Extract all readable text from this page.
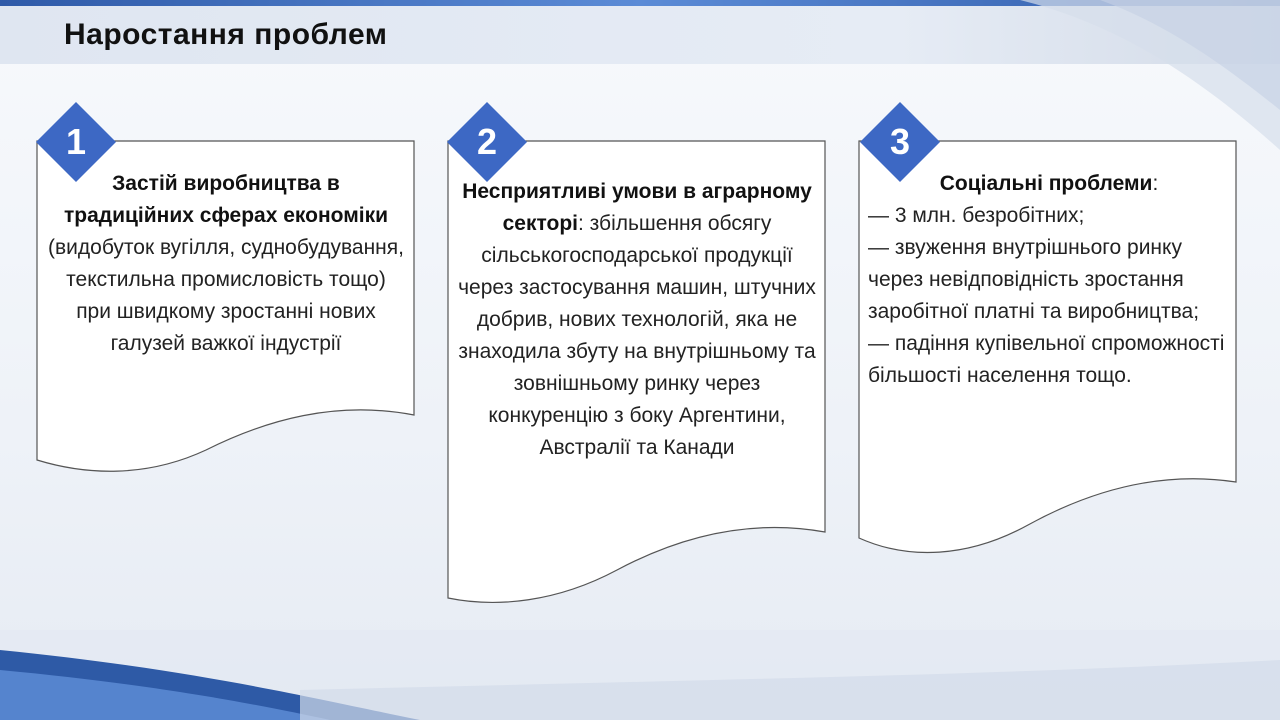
Наростання проблем
Застій виробництва в традиційних сферах економіки (видобуток вугілля, суднобудування, текстильна промисловість тощо) при швидкому зростанні нових галузей важкої індустрії
1
Несприятливі умови в аграрному секторі: збільшення обсягу сільськогосподарської продукції через застосування машин, штучних добрив, нових технологій, яка не знаходила збуту на внутрішньому та зовнішньому ринку через конкуренцію з боку Аргентини, Австралії та Канади
2
Соціальні проблеми:
— 3 млн. безробітних;
— звуження внутрішнього ринку через невідповідність зростання заробітної платні та виробництва;
— падіння купівельної спроможності більшості населення тощо.
3
